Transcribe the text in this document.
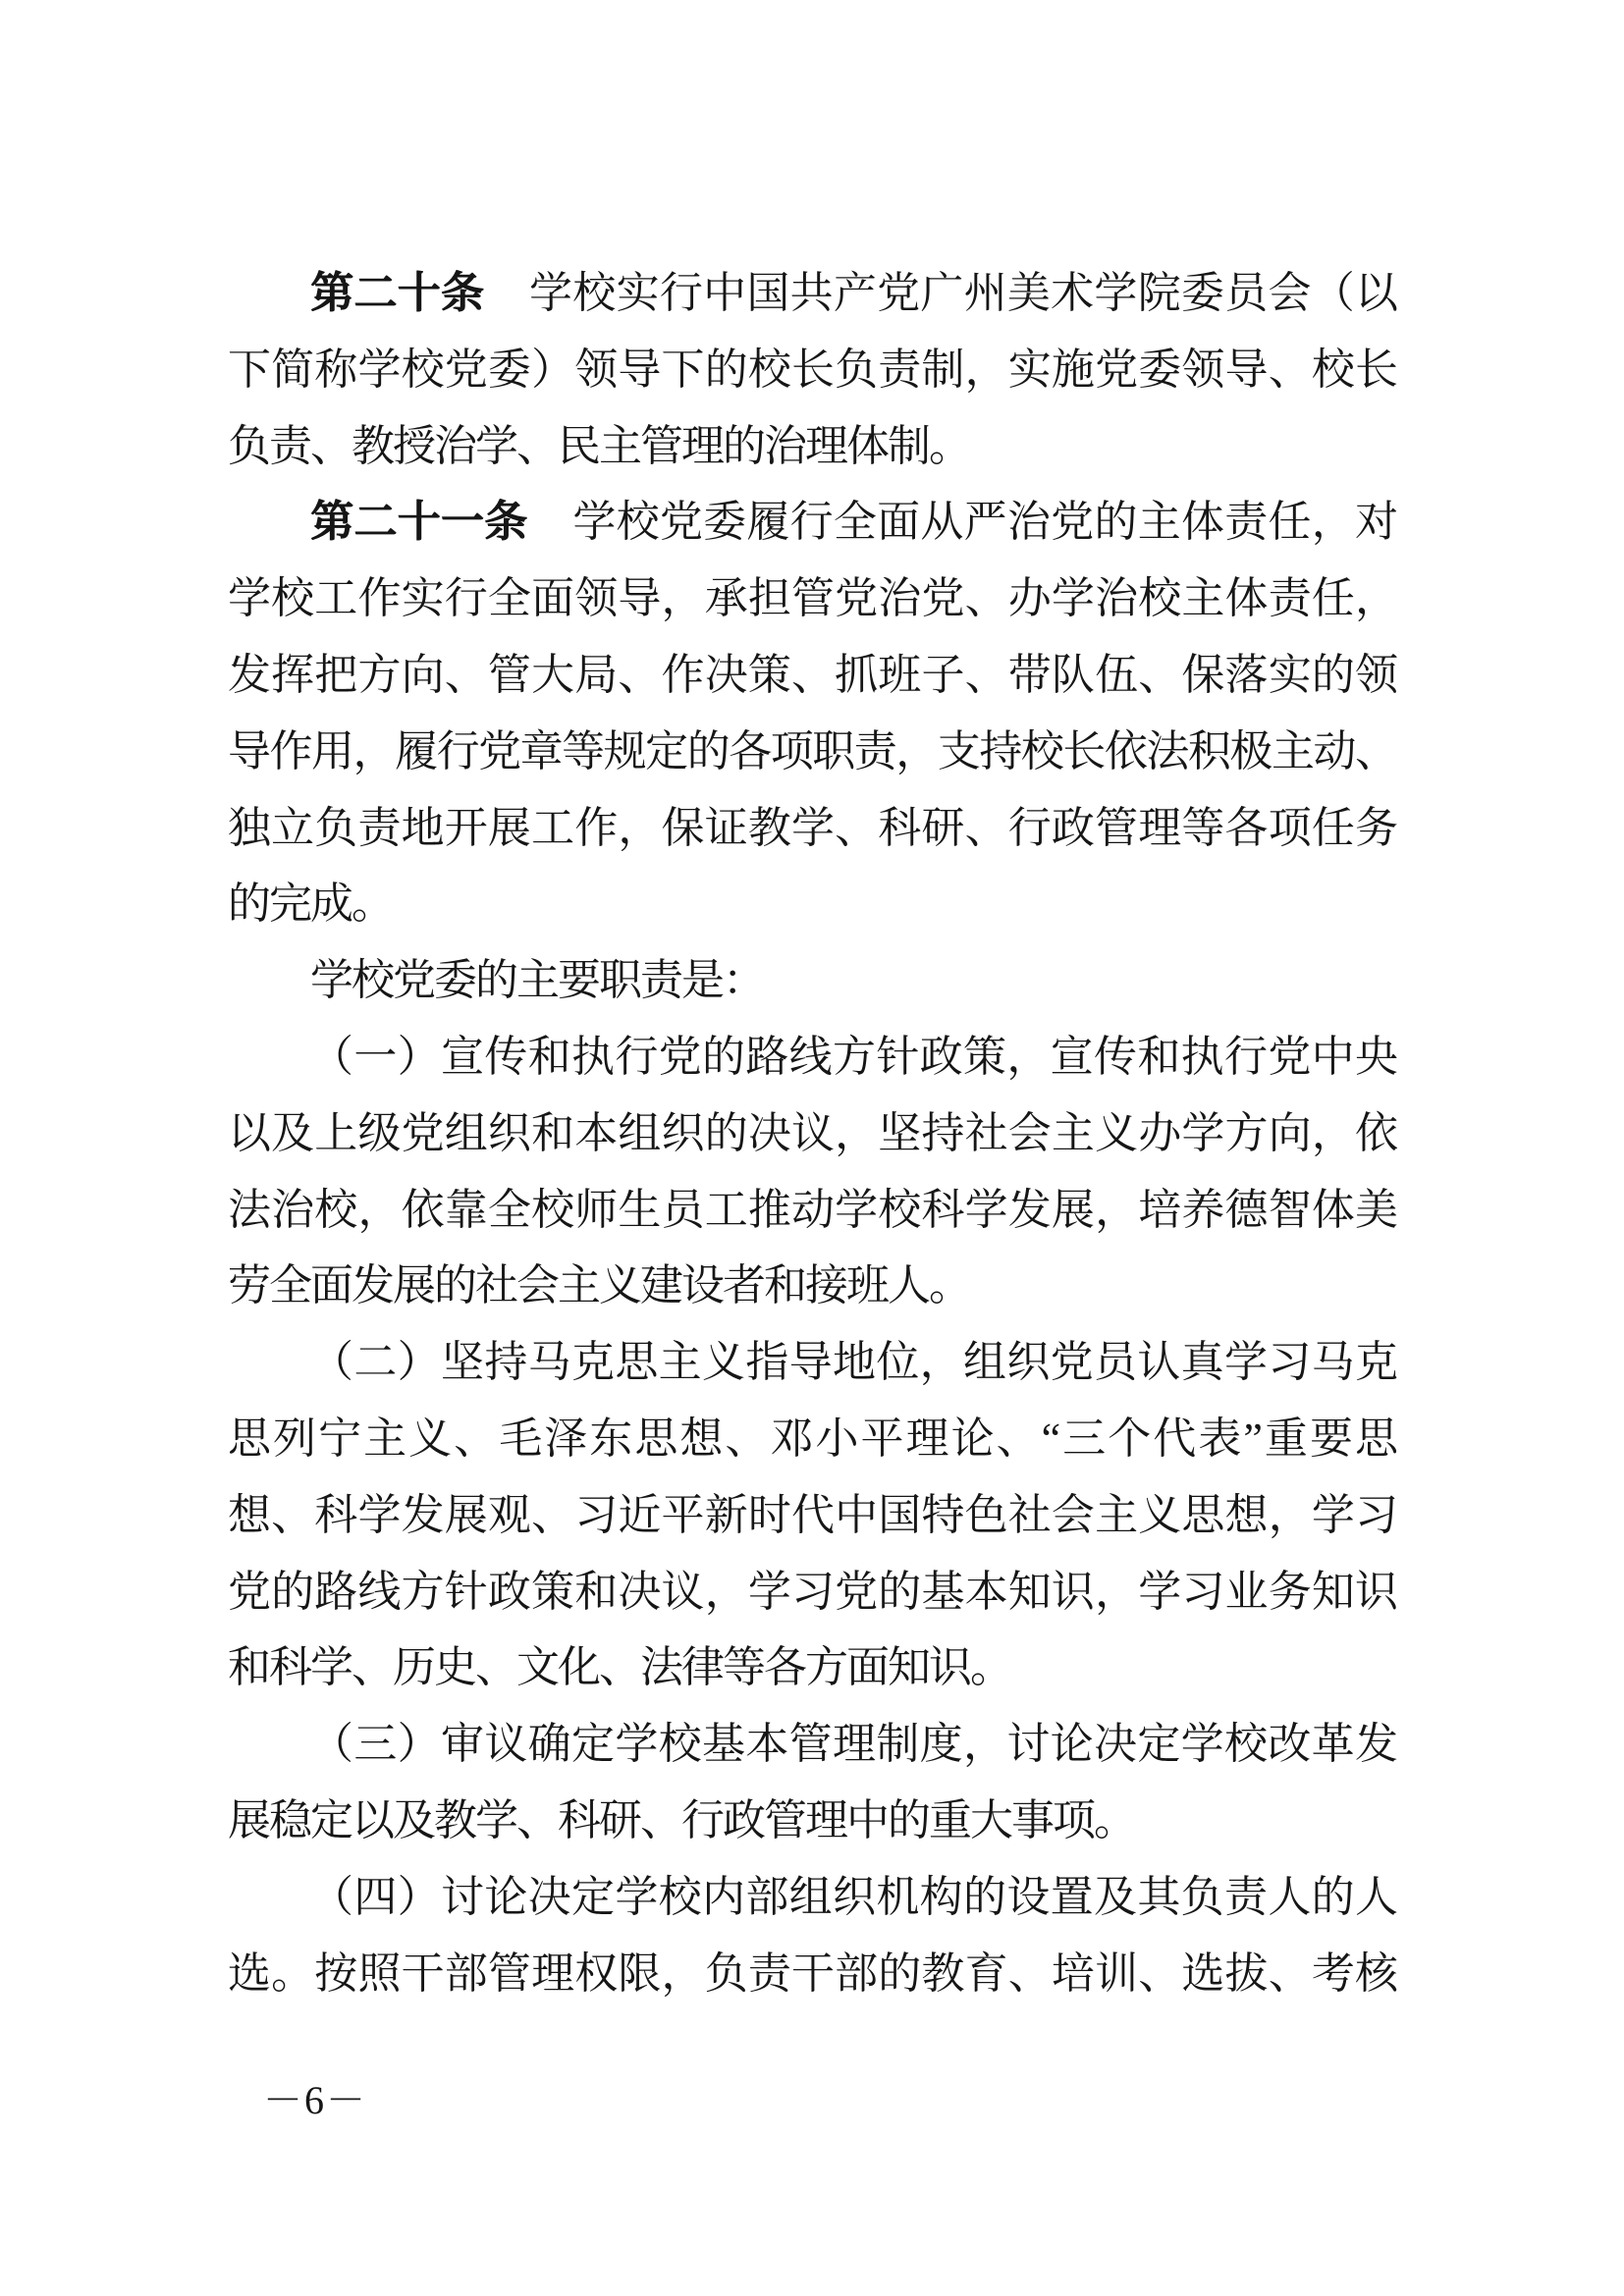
第二十条 学校实行中国共产党广州美术学院委员会（以
下简称学校党委）领导下的校长负责制，实施党委领导、校长
负责、教授治学、民主管理的治理体制。
第二十一条 学校党委履行全面从严治党的主体责任，对
学校工作实行全面领导，承担管党治党、办学治校主体责任，
发挥把方向、管大局、作决策、抓班子、带队伍、保落实的领
导作用，履行党章等规定的各项职责，支持校长依法积极主动、
独立负责地开展工作，保证教学、科研、行政管理等各项任务
的完成。
学校党委的主要职责是：
（一）宣传和执行党的路线方针政策，宣传和执行党中央
以及上级党组织和本组织的决议，坚持社会主义办学方向，依
法治校，依靠全校师生员工推动学校科学发展，培养德智体美
劳全面发展的社会主义建设者和接班人。
（二）坚持马克思主义指导地位，组织党员认真学习马克
思列宁主义、毛泽东思想、邓小平理论、“三个代表”重要思
想、科学发展观、习近平新时代中国特色社会主义思想，学习
党的路线方针政策和决议，学习党的基本知识，学习业务知识
和科学、历史、文化、法律等各方面知识。
（三）审议确定学校基本管理制度，讨论决定学校改革发
展稳定以及教学、科研、行政管理中的重大事项。
（四）讨论决定学校内部组织机构的设置及其负责人的人
选。按照干部管理权限，负责干部的教育、培训、选拔、考核
－6－
